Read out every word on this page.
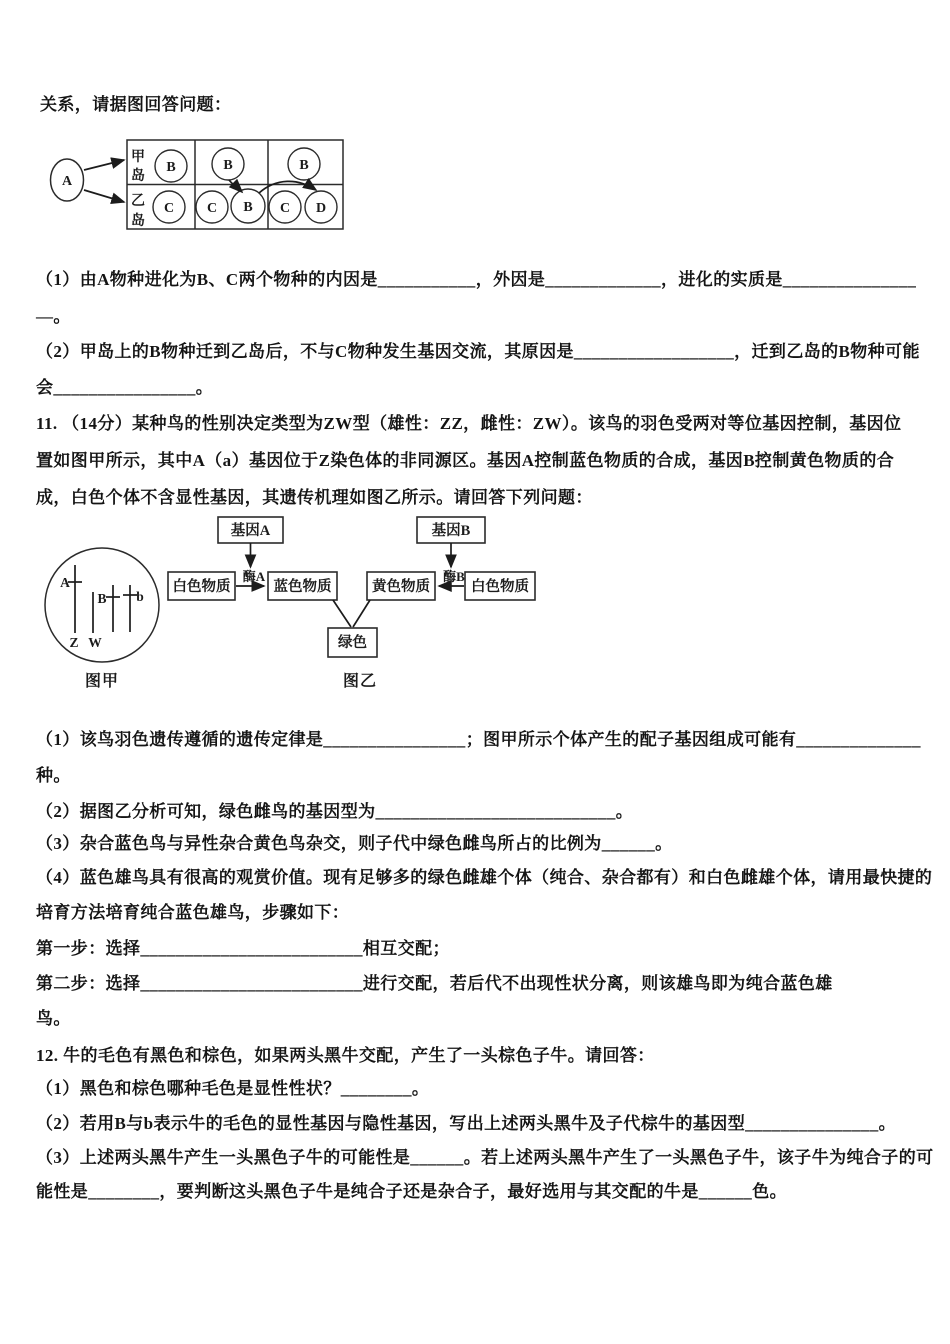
关系，请据图回答问题：
A
甲
岛
乙
岛
B	B	B
C C B C D
（1）由A物种进化为B、C两个物种的内因是___________，外因是_____________，进化的实质是_______________
—。
（2）甲岛上的B物种迁到乙岛后，不与C物种发生基因交流，其原因是__________________，迁到乙岛的B物种可能
会________________。
11. （14分）某种鸟的性别决定类型为ZW型（雄性：ZZ，雌性：ZW）。该鸟的羽色受两对等位基因控制，基因位
置如图甲所示，其中A（a）基因位于Z染色体的非同源区。基因A控制蓝色物质的合成，基因B控制黄色物质的合
成，白色个体不含显性基因，其遗传机理如图乙所示。请回答下列问题：
A
Z W
B b
图甲
基因A	基因B
酶A	酶B
白色物质	蓝色物质	黄色物质	白色物质
绿色
图乙
（1）该鸟羽色遗传遵循的遗传定律是________________；图甲所示个体产生的配子基因组成可能有______________
种。
（2）据图乙分析可知，绿色雌鸟的基因型为___________________________。
（3）杂合蓝色鸟与异性杂合黄色鸟杂交，则子代中绿色雌鸟所占的比例为______。
（4）蓝色雄鸟具有很高的观赏价值。现有足够多的绿色雌雄个体（纯合、杂合都有）和白色雌雄个体，请用最快捷的
培育方法培育纯合蓝色雄鸟，步骤如下：
第一步：选择_________________________相互交配；
第二步：选择_________________________进行交配，若后代不出现性状分离，则该雄鸟即为纯合蓝色雄
鸟。
12. 牛的毛色有黑色和棕色，如果两头黑牛交配，产生了一头棕色子牛。请回答：
（1）黑色和棕色哪种毛色是显性性状？________。
（2）若用B与b表示牛的毛色的显性基因与隐性基因，写出上述两头黑牛及子代棕牛的基因型_______________。
（3）上述两头黑牛产生一头黑色子牛的可能性是______。若上述两头黑牛产生了一头黑色子牛，该子牛为纯合子的可
能性是________，要判断这头黑色子牛是纯合子还是杂合子，最好选用与其交配的牛是______色。
